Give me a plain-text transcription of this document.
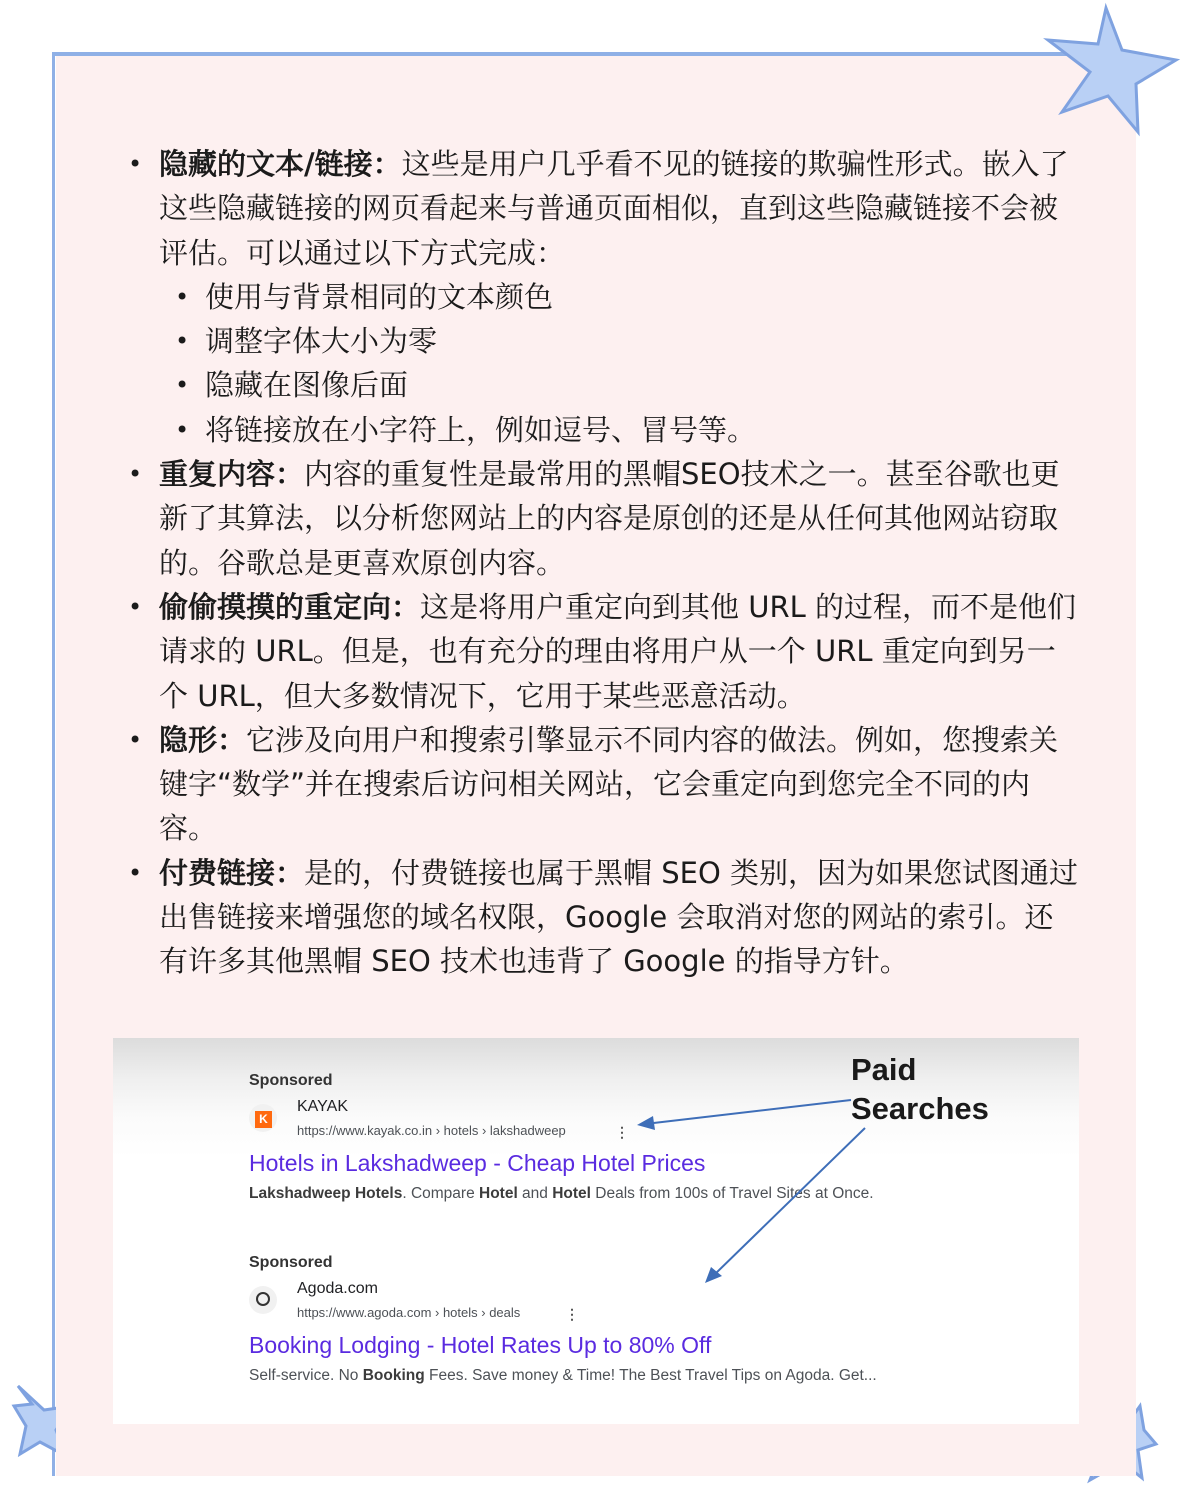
• 隐藏的文本/链接：这些是用户几乎看不见的链接的欺骗性形式。嵌入了这些隐藏链接的网页看起来与普通页面相似，直到这些隐藏链接不会被评估。可以通过以下方式完成：
• 使用与背景相同的文本颜色
• 调整字体大小为零
• 隐藏在图像后面
• 将链接放在小字符上，例如逗号、冒号等。
• 重复内容：内容的重复性是最常用的黑帽SEO技术之一。甚至谷歌也更新了其算法，以分析您网站上的内容是原创的还是从任何其他网站窃取的。谷歌总是更喜欢原创内容。
• 偷偷摸摸的重定向：这是将用户重定向到其他 URL 的过程，而不是他们请求的 URL。但是，也有充分的理由将用户从一个 URL 重定向到另一个 URL，但大多数情况下，它用于某些恶意活动。
• 隐形：它涉及向用户和搜索引擎显示不同内容的做法。例如，您搜索关键字“数学”并在搜索后访问相关网站，它会重定向到您完全不同的内容。
• 付费链接：是的，付费链接也属于黑帽 SEO 类别，因为如果您试图通过出售链接来增强您的域名权限，Google 会取消对您的网站的索引。还有许多其他黑帽 SEO 技术也违背了 Google 的指导方针。
Sponsored
K
KAYAK
https://www.kayak.co.in › hotels › lakshadweep	⋮
Hotels in Lakshadweep - Cheap Hotel Prices
Lakshadweep Hotels. Compare Hotel and Hotel Deals from 100s of Travel Sites at Once.
Sponsored
Agoda.com
https://www.agoda.com › hotels › deals	⋮
Booking Lodging - Hotel Rates Up to 80% Off
Self-service. No Booking Fees. Save money & Time! The Best Travel Tips on Agoda. Get...
Paid
Searches
